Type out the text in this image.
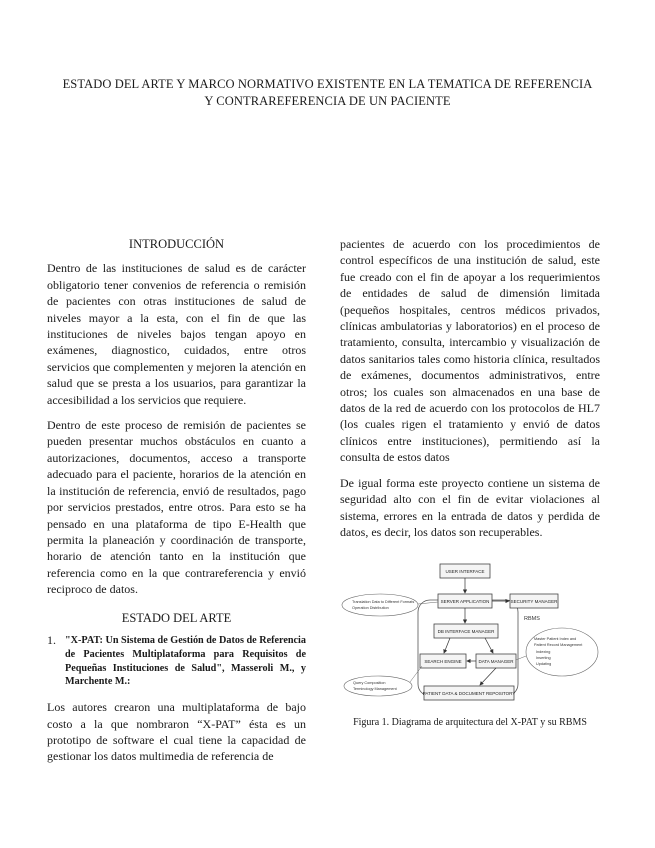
ESTADO DEL ARTE Y MARCO NORMATIVO EXISTENTE EN LA TEMATICA DE REFERENCIA Y CONTRAREFERENCIA DE UN PACIENTE
INTRODUCCIÓN

Dentro de las instituciones de salud es de carácter obligatorio tener convenios de referencia o remisión de pacientes con otras instituciones de salud de niveles mayor a la esta, con el fin de que las instituciones de niveles bajos tengan apoyo en exámenes, diagnostico, cuidados, entre otros servicios que complementen y mejoren la atención en salud que se presta a los usuarios, para garantizar la accesibilidad a los servicios que requiere.

Dentro de este proceso de remisión de pacientes se pueden presentar muchos obstáculos en cuanto a autorizaciones, documentos, acceso a transporte adecuado para el paciente, horarios de la atención en la institución de referencia, envió de resultados, pago por servicios prestados, entre otros. Para esto se ha pensado en una plataforma de tipo E-Health que permita la planeación y coordinación de transporte, horario de atención tanto en la institución que referencia como en la que contrareferencia y envió reciproco de datos.

ESTADO DEL ARTE
1. "X-PAT: Un Sistema de Gestión de Datos de Referencia de Pacientes Multiplataforma para Requisitos de Pequeñas Instituciones de Salud", Masseroli M., y Marchente M.:

Los autores crearon una multiplataforma de bajo costo a la que nombraron “X-PAT” ésta es un prototipo de software el cual tiene la capacidad de gestionar los datos multimedia de referencia de

pacientes de acuerdo con los procedimientos de control específicos de una institución de salud, este fue creado con el fin de apoyar a los requerimientos de entidades de salud de dimensión limitada (pequeños hospitales, centros médicos privados, clínicas ambulatorias y laboratorios) en el proceso de tratamiento, consulta, intercambio y visualización de datos sanitarios tales como historia clínica, resultados de exámenes, documentos administrativos, entre otros; los cuales son almacenados en una base de datos de la red de acuerdo con los protocolos de HL7 (los cuales rigen el tratamiento y envió de datos clínicos entre instituciones), permitiendo así la consulta de estos datos

De igual forma este proyecto contiene un sistema de seguridad alto con el fin de evitar violaciones al sistema, errores en la entrada de datos y perdida de datos, es decir, los datos son recuperables.

RBMS
USER INTERFACE
SERVER APPLICATION	SECURITY MANAGER
DB INTERFACE MANAGER
SEARCH ENGINE	DATA MANAGER
PATIENT DATA & DOCUMENT REPOSITORY
Translation Data to Different Formats
Operation Distribution
Query Composition
Terminology Management
Master Patient Index and
Patient Record Management
Indexing
Inserting
Updating
Figura 1. Diagrama de arquitectura del X-PAT y su RBMS
